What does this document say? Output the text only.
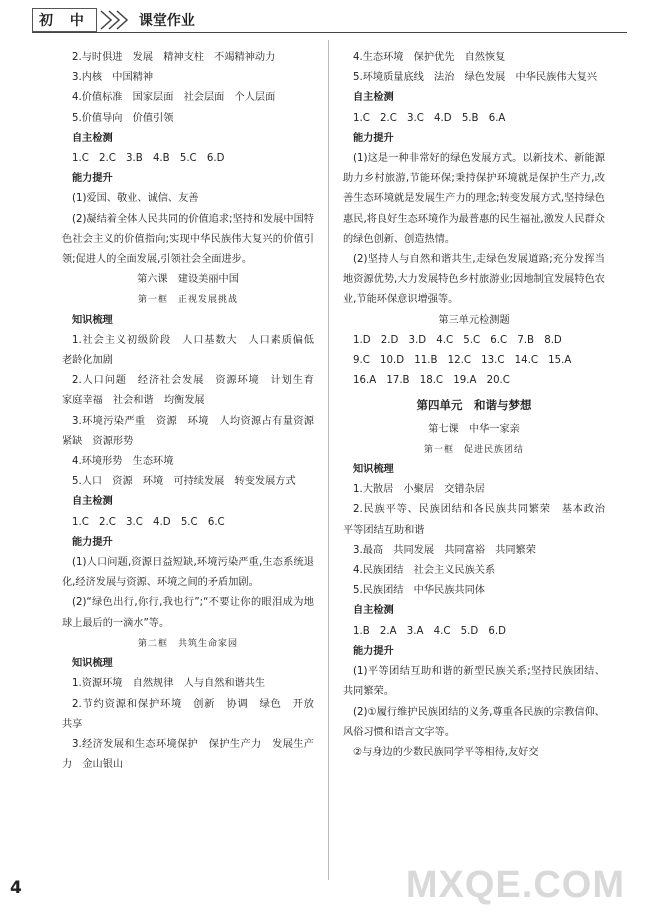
初 中	课堂作业
2.与时俱进　发展　精神支柱　不竭精神动力
3.内核　中国精神
4.价值标准　国家层面　社会层面　个人层面
5.价值导向　价值引领
自主检测
1.C　2.C　3.B　4.B　5.C　6.D
能力提升
(1)爱国、敬业、诚信、友善
(2)凝结着全体人民共同的价值追求;坚持和发展中国特色社会主义的价值指向;实现中华民族伟大复兴的价值引领;促进人的全面发展,引领社会全面进步。
第六课　建设美丽中国
第一框　正视发展挑战
知识梳理
1.社会主义初级阶段　人口基数大　人口素质偏低　老龄化加剧
2.人口问题　经济社会发展　资源环境　计划生育　家庭幸福　社会和谐　均衡发展
3.环境污染严重　资源　环境　人均资源占有量资源紧缺　资源形势
4.环境形势　生态环境
5.人口　资源　环境　可持续发展　转变发展方式
自主检测
1.C　2.C　3.C　4.D　5.C　6.C
能力提升
(1)人口问题,资源日益短缺,环境污染严重,生态系统退化,经济发展与资源、环境之间的矛盾加剧。
(2)“绿色出行,你行,我也行”;“不要让你的眼泪成为地球上最后的一滴水”等。
第二框　共筑生命家园
知识梳理
1.资源环境　自然规律　人与自然和谐共生
2.节约资源和保护环境　创新　协调　绿色　开放　共享
3.经济发展和生态环境保护　保护生产力　发展生产力　金山银山
4.生态环境　保护优先　自然恢复
5.环境质量底线　法治　绿色发展　中华民族伟大复兴
自主检测
1.C　2.C　3.C　4.D　5.B　6.A
能力提升
(1)这是一种非常好的绿色发展方式。以新技术、新能源助力乡村旅游,节能环保;秉持保护环境就是保护生产力,改善生态环境就是发展生产力的理念;转变发展方式,坚持绿色惠民,将良好生态环境作为最普惠的民生福祉,激发人民群众的绿色创新、创造热情。
(2)坚持人与自然和谐共生,走绿色发展道路;充分发挥当地资源优势,大力发展特色乡村旅游业;因地制宜发展特色农业,节能环保意识增强等。
第三单元检测题
1.D　2.D　3.D　4.C　5.C　6.C　7.B　8.D
9.C　10.D　11.B　12.C　13.C　14.C　15.A
16.A　17.B　18.C　19.A　20.C
第四单元　和谐与梦想
第七课　中华一家亲
第一框　促进民族团结
知识梳理
1.大散居　小聚居　交错杂居
2.民族平等、民族团结和各民族共同繁荣　基本政治　平等团结互助和谐
3.最高　共同发展　共同富裕　共同繁荣
4.民族团结　社会主义民族关系
5.民族团结　中华民族共同体
自主检测
1.B　2.A　3.A　4.C　5.D　6.D
能力提升
(1)平等团结互助和谐的新型民族关系;坚持民族团结、共同繁荣。
(2)①履行维护民族团结的义务,尊重各民族的宗教信仰、风俗习惯和语言文字等。
②与身边的少数民族同学平等相待,友好交
4	MXQE.COM
